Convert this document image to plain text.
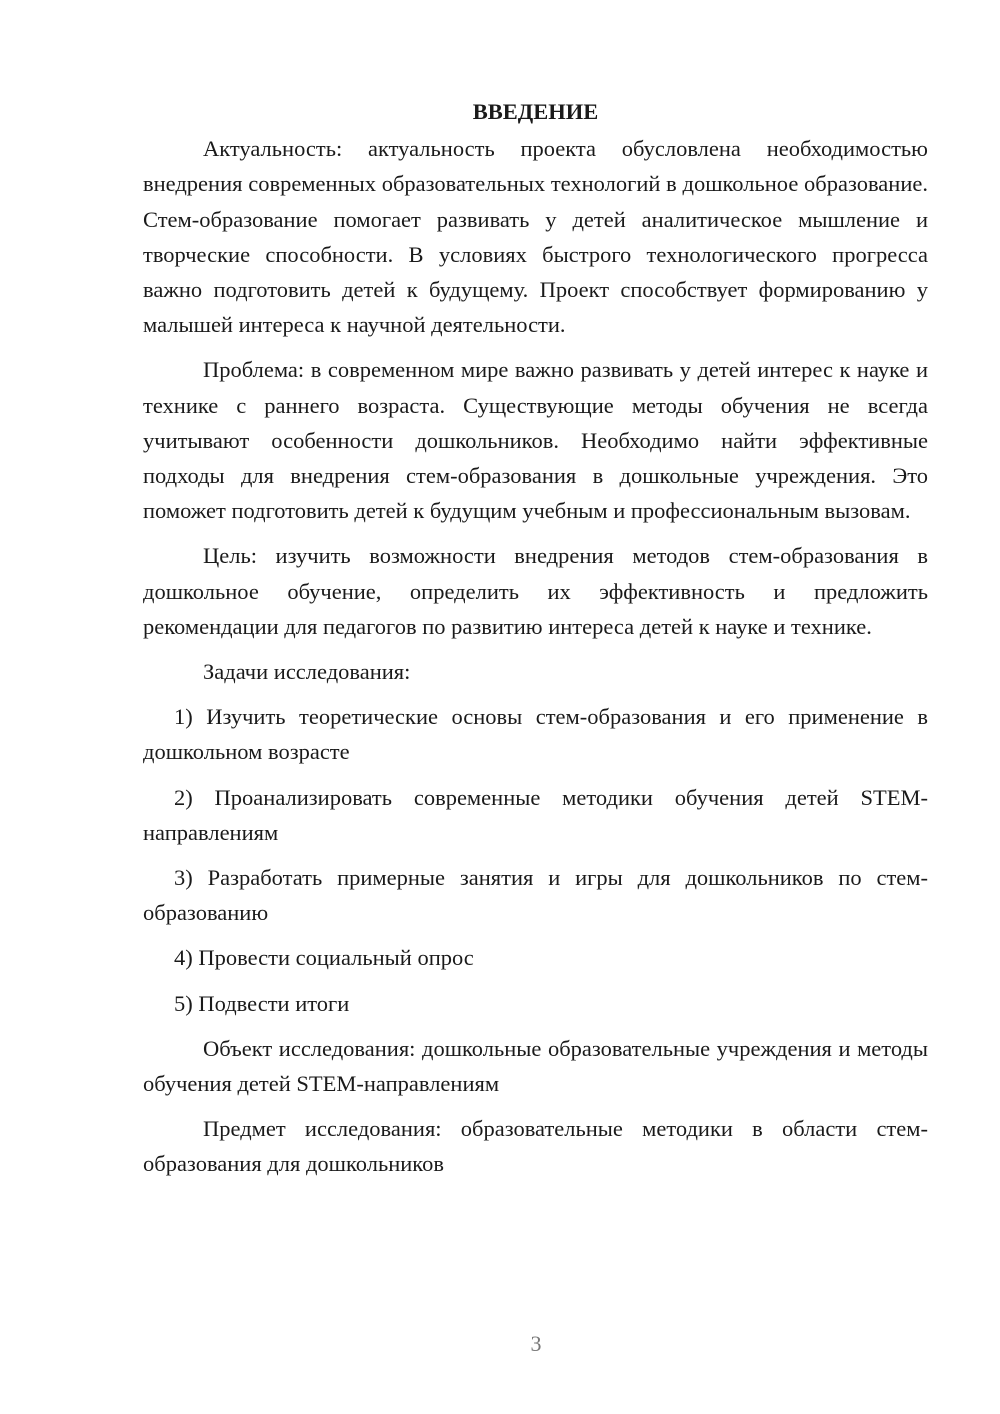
ВВЕДЕНИЕ

Актуальность: актуальность проекта обусловлена необходимостью внедрения современных образовательных технологий в дошкольное образование. Стем-образование помогает развивать у детей аналитическое мышление и творческие способности. В условиях быстрого технологического прогресса важно подготовить детей к будущему. Проект способствует формированию у малышей интереса к научной деятельности.

Проблема: в современном мире важно развивать у детей интерес к науке и технике с раннего возраста. Существующие методы обучения не всегда учитывают особенности дошкольников. Необходимо найти эффективные подходы для внедрения стем-образования в дошкольные учреждения. Это поможет подготовить детей к будущим учебным и профессиональным вызовам.

Цель: изучить возможности внедрения методов стем-образования в дошкольное обучение, определить их эффективность и предложить рекомендации для педагогов по развитию интереса детей к науке и технике.

Задачи исследования:

1) Изучить теоретические основы стем-образования и его применение в дошкольном возрасте

2) Проанализировать современные методики обучения детей STEM-направлениям

3) Разработать примерные занятия и игры для дошкольников по стем-образованию

4) Провести социальный опрос

5) Подвести итоги

Объект исследования: дошкольные образовательные учреждения и методы обучения детей STEM-направлениям

Предмет исследования: образовательные методики в области стем-образования для дошкольников

3
